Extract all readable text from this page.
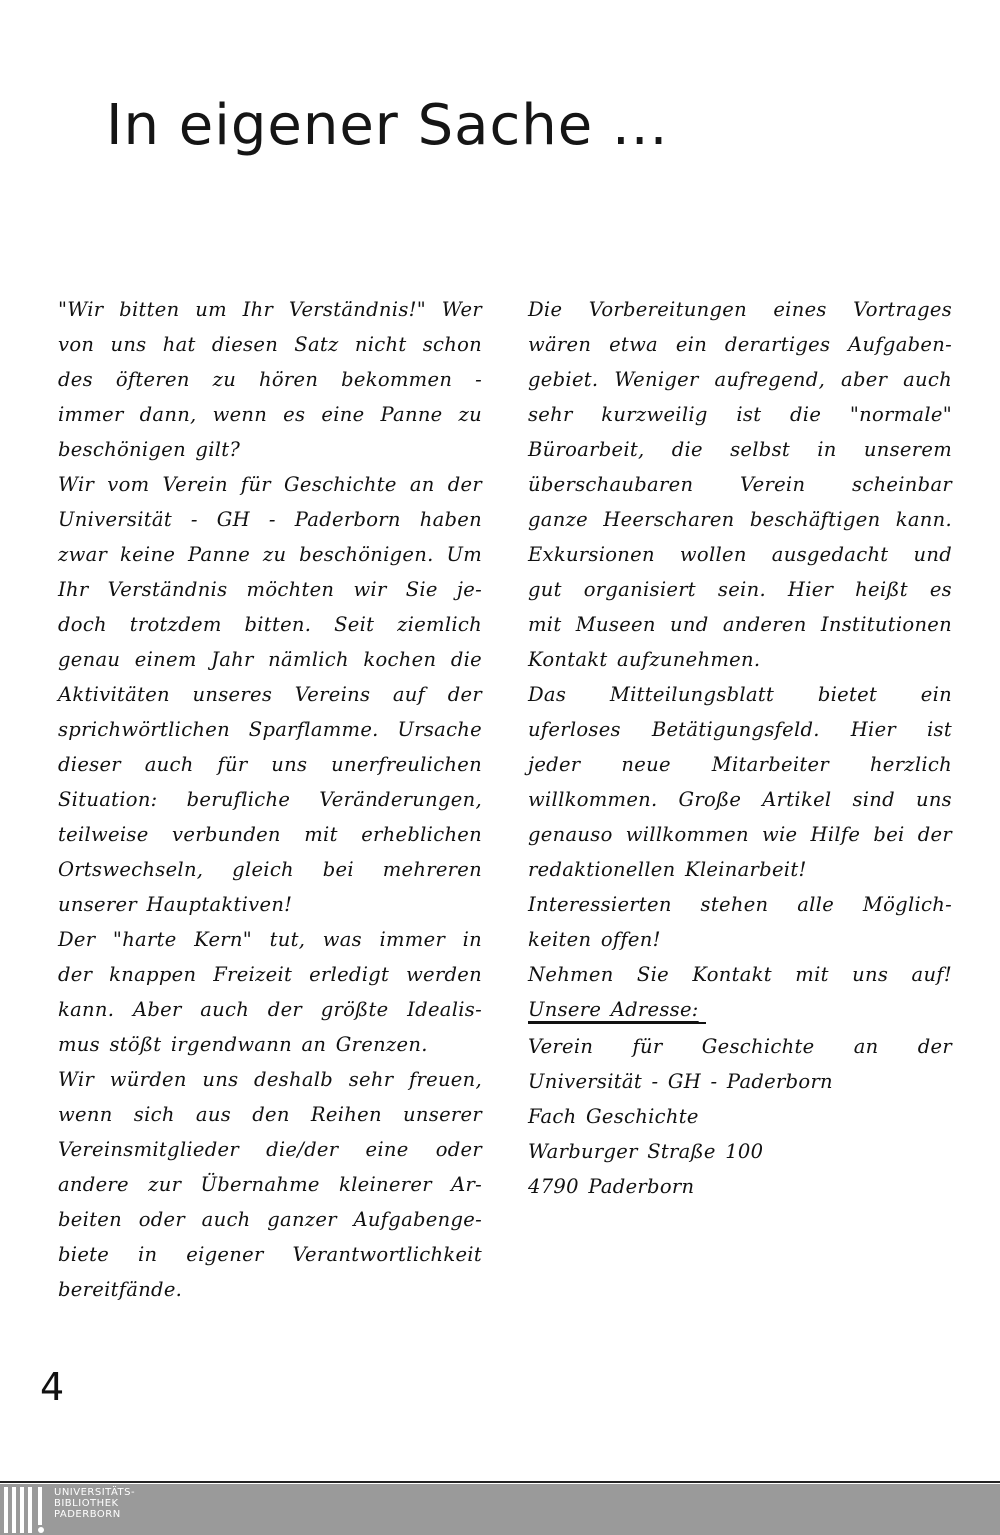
In eigener Sache ...
"Wir bitten um Ihr Verständnis!" Wer
von uns hat diesen Satz nicht schon
des öfteren zu hören bekommen -
immer dann, wenn es eine Panne zu
beschönigen gilt?
Wir vom Verein für Geschichte an der
Universität - GH - Paderborn haben
zwar keine Panne zu beschönigen. Um
Ihr Verständnis möchten wir Sie je-
doch trotzdem bitten. Seit ziemlich
genau einem Jahr nämlich kochen die
Aktivitäten unseres Vereins auf der
sprichwörtlichen Sparflamme. Ursache
dieser auch für uns unerfreulichen
Situation: berufliche Veränderungen,
teilweise verbunden mit erheblichen
Ortswechseln, gleich bei mehreren
unserer Hauptaktiven!
Der "harte Kern" tut, was immer in
der knappen Freizeit erledigt werden
kann. Aber auch der größte Idealis-
mus stößt irgendwann an Grenzen.
Wir würden uns deshalb sehr freuen,
wenn sich aus den Reihen unserer
Vereinsmitglieder die/der eine oder
andere zur Übernahme kleinerer Ar-
beiten oder auch ganzer Aufgabenge-
biete in eigener Verantwortlichkeit
bereitfände.
Die Vorbereitungen eines Vortrages
wären etwa ein derartiges Aufgaben-
gebiet. Weniger aufregend, aber auch
sehr kurzweilig ist die "normale"
Büroarbeit, die selbst in unserem
überschaubaren Verein scheinbar
ganze Heerscharen beschäftigen kann.
Exkursionen wollen ausgedacht und
gut organisiert sein. Hier heißt es
mit Museen und anderen Institutionen
Kontakt aufzunehmen.
Das Mitteilungsblatt bietet ein
uferloses Betätigungsfeld. Hier ist
jeder neue Mitarbeiter herzlich
willkommen. Große Artikel sind uns
genauso willkommen wie Hilfe bei der
redaktionellen Kleinarbeit!
Interessierten stehen alle Möglich-
keiten offen!
Nehmen Sie Kontakt mit uns auf!
Unsere Adresse:
Verein für Geschichte an der
Universität - GH - Paderborn
Fach Geschichte
Warburger Straße 100
4790 Paderborn
4
UNIVERSITÄTS-
BIBLIOTHEK
PADERBORN
